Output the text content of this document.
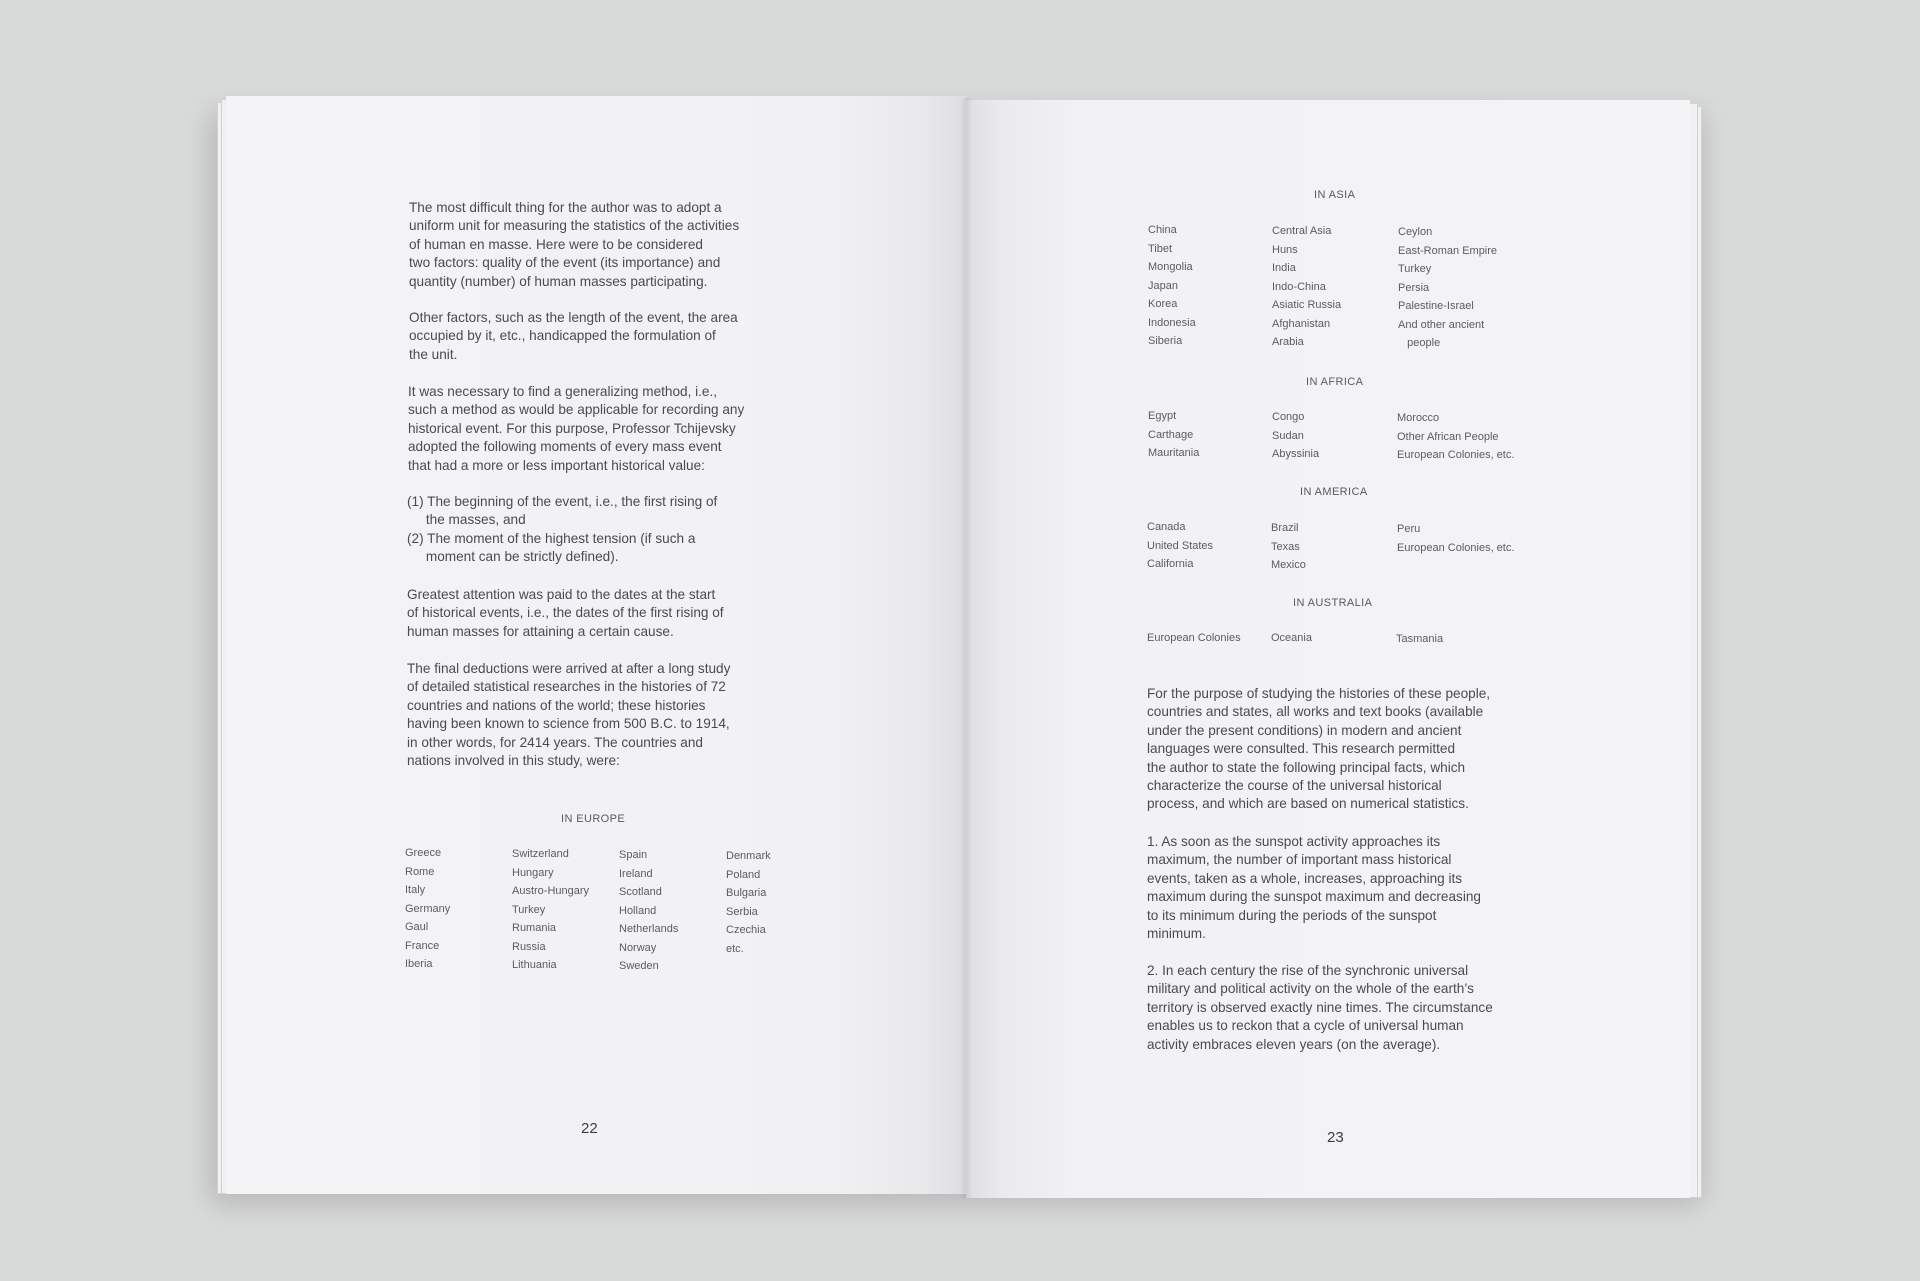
The most difficult thing for the author was to adopt a
uniform unit for measuring the statistics of the activities
of human en masse. Here were to be considered
two factors: quality of the event (its importance) and
quantity (number) of human masses participating.
Other factors, such as the length of the event, the area
occupied by it, etc., handicapped the formulation of
the unit.
It was necessary to find a generalizing method, i.e.,
such a method as would be applicable for recording any
historical event. For this purpose, Professor Tchijevsky
adopted the following moments of every mass event
that had a more or less important historical value:
(1) The beginning of the event, i.e., the first rising of
the masses, and
(2) The moment of the highest tension (if such a
moment can be strictly defined).
Greatest attention was paid to the dates at the start
of historical events, i.e., the dates of the first rising of
human masses for attaining a certain cause.
The final deductions were arrived at after a long study
of detailed statistical researches in the histories of 72
countries and nations of the world; these histories
having been known to science from 500 B.C. to 1914,
in other words, for 2414 years. The countries and
nations involved in this study, were:
IN EUROPE
Greece
Rome
Italy
Germany
Gaul
France
Iberia
Switzerland
Hungary
Austro-Hungary
Turkey
Rumania
Russia
Lithuania
Spain
Ireland
Scotland
Holland
Netherlands
Norway
Sweden
Denmark
Poland
Bulgaria
Serbia
Czechia
etc.
22
IN ASIA
China
Tibet
Mongolia
Japan
Korea
Indonesia
Siberia
Central Asia
Huns
India
Indo-China
Asiatic Russia
Afghanistan
Arabia
Ceylon
East-Roman Empire
Turkey
Persia
Palestine-Israel
And other ancient
people
IN AFRICA
Egypt
Carthage
Mauritania
Congo
Sudan
Abyssinia
Morocco
Other African People
European Colonies, etc.
IN AMERICA
Canada
United States
California
Brazil
Texas
Mexico
Peru
European Colonies, etc.
IN AUSTRALIA
European Colonies	Oceania	Tasmania
For the purpose of studying the histories of these people,
countries and states, all works and text books (available
under the present conditions) in modern and ancient
languages were consulted. This research permitted
the author to state the following principal facts, which
characterize the course of the universal historical
process, and which are based on numerical statistics.
1. As soon as the sunspot activity approaches its
maximum, the number of important mass historical
events, taken as a whole, increases, approaching its
maximum during the sunspot maximum and decreasing
to its minimum during the periods of the sunspot
minimum.
2. In each century the rise of the synchronic universal
military and political activity on the whole of the earth’s
territory is observed exactly nine times. The circumstance
enables us to reckon that a cycle of universal human
activity embraces eleven years (on the average).
23
